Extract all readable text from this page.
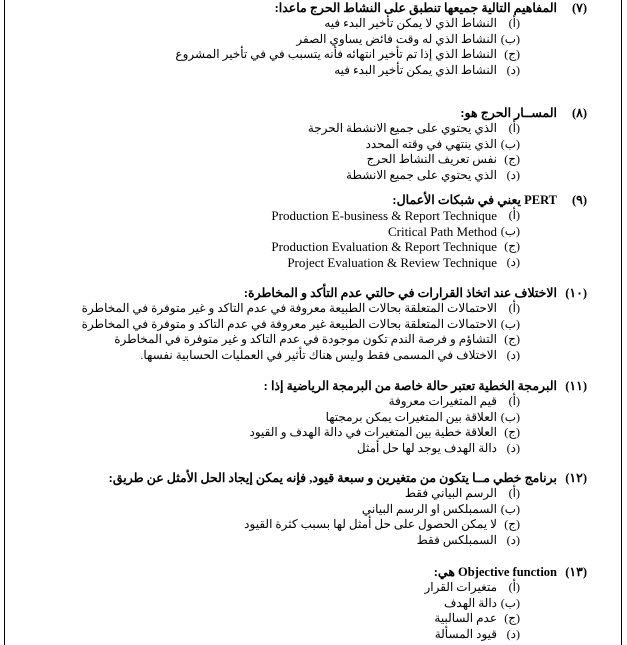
(٧)
المفاهيم التالية جميعها تنطبق على النشاط الحرج ماعدا:
(أ)
النشاط الذي لا يمكن تأخير البدء فيه
(ب)
النشاط الذي له وقت فائض يساوي الصفر
(ج)
النشاط الذي إذا تم تأخير انتهائه فأنه يتسبب في في تأخير المشروع
(د)
النشاط الذي يمكن تأخير البدء فيه
(٨)
المســار الحرج هو:
(أ)
الذي يحتوي على جميع الانشطة الحرجة
(ب)
الذي ينتهي في وقته المحدد
(ج)
نفس تعريف النشاط الحرج
(د)
الذي يحتوي على جميع الانشطة
(٩)
PERT يعني في شبكات الأعمال:
(أ)
Production E-business & Report Technique
(ب)
Critical Path Method
(ج)
Production Evaluation & Report Technique
(د)
Project Evaluation & Review Technique
(١٠)
الاختلاف عند اتخاذ القرارات في حالتي عدم التأكد و المخاطرة:
(أ)
الاحتمالات المتعلقة بحالات الطبيعة معروفة في عدم التاكد و غير متوفرة في المخاطرة
(ب)
الاحتمالات المتعلقة بحالات الطبيعة غير معروفة في عدم التاكد و متوفرة في المخاطرة
(ج)
التشاؤم و فرصة الندم تكون موجودة في عدم التاكد و غير متوفرة في المخاطرة
(د)
الاختلاف في المسمى فقط وليس هناك تأثير في العمليات الحسابية نفسها.
(١١)
البرمجة الخطية تعتبر حالة خاصة من البرمجة الرياضية إذا :
(أ)
قيم المتغيرات معروفة
(ب)
العلاقة بين المتغيرات يمكن برمجتها
(ج)
العلاقة خطية بين المتغيرات في دالة الهدف و القيود
(د)
دالة الهدف يوجد لها حل أمثل
(١٢)
برنامج خطي مــا يتكون من متغيرين و سبعة قيود, فإنه يمكن إيجاد الحل الأمثل عن طريق:
(أ)
الرسم البياني فقط
(ب)
السمبلكس او الرسم البياني
(ج)
لا يمكن الحصول على حل أمثل لها بسبب كثرة القيود
(د)
السمبلكس فقط
(١٣)
Objective function هي:
(أ)
متغيرات القرار
(ب)
دالة الهدف
(ج)
عدم السالبية
(د)
قيود المسألة
